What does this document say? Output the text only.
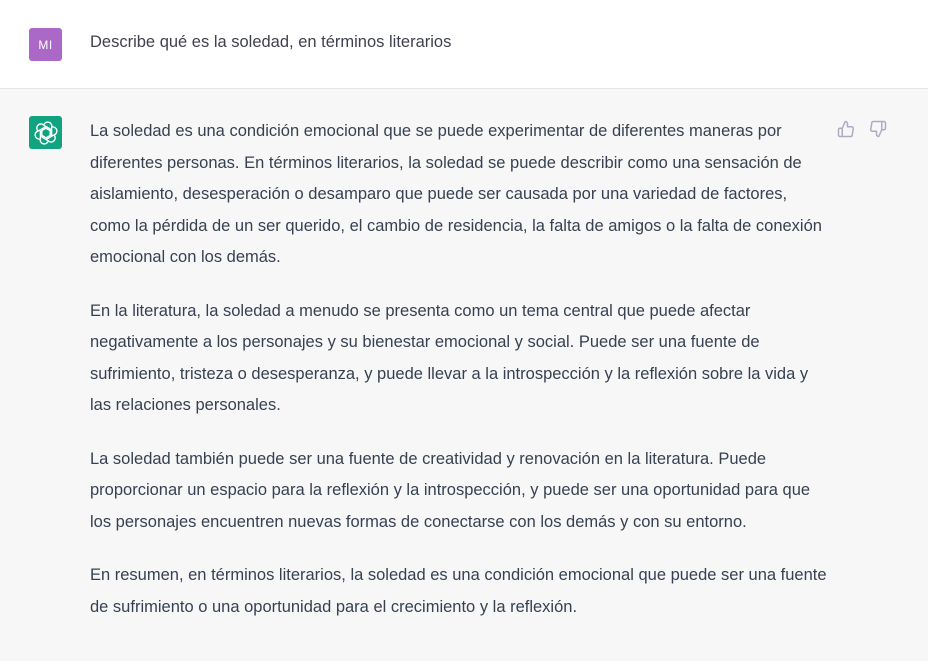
MI	Describe qué es la soledad, en términos literarios

La soledad es una condición emocional que se puede experimentar de diferentes maneras por diferentes personas. En términos literarios, la soledad se puede describir como una sensación de aislamiento, desesperación o desamparo que puede ser causada por una variedad de factores, como la pérdida de un ser querido, el cambio de residencia, la falta de amigos o la falta de conexión emocional con los demás.

En la literatura, la soledad a menudo se presenta como un tema central que puede afectar negativamente a los personajes y su bienestar emocional y social. Puede ser una fuente de sufrimiento, tristeza o desesperanza, y puede llevar a la introspección y la reflexión sobre la vida y las relaciones personales.

La soledad también puede ser una fuente de creatividad y renovación en la literatura. Puede proporcionar un espacio para la reflexión y la introspección, y puede ser una oportunidad para que los personajes encuentren nuevas formas de conectarse con los demás y con su entorno.

En resumen, en términos literarios, la soledad es una condición emocional que puede ser una fuente de sufrimiento o una oportunidad para el crecimiento y la reflexión.
